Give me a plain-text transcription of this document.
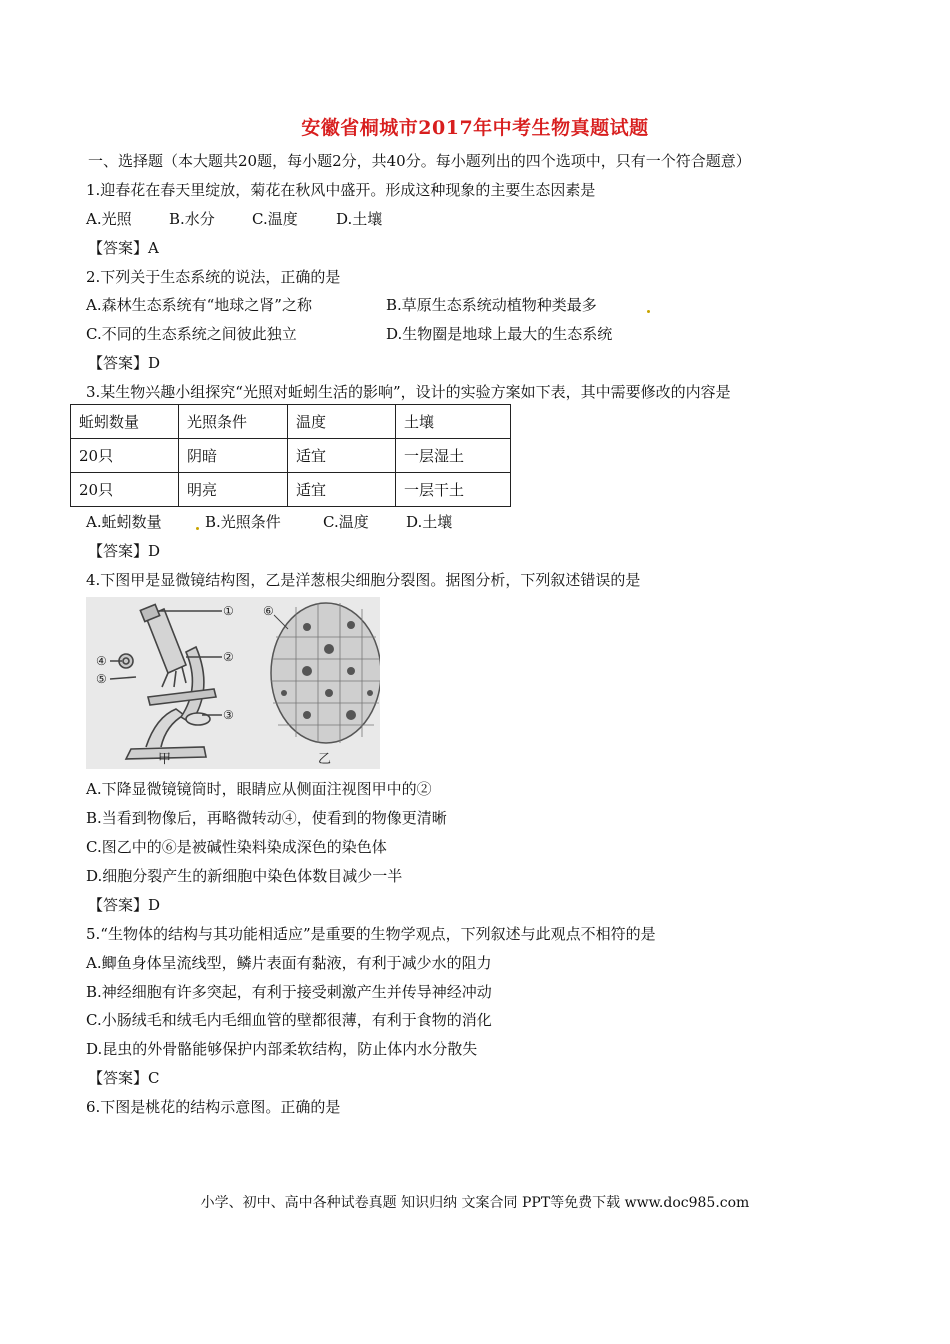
安徽省桐城市2017年中考生物真题试题
一、选择题（本大题共20题，每小题2分，共40分。每小题列出的四个选项中，只有一个符合题意）
1.迎春花在春天里绽放，菊花在秋风中盛开。形成这种现象的主要生态因素是
A.光照 B.水分 C.温度	D.土壤
【答案】A
2.下列关于生态系统的说法，正确的是
A.森林生态系统有“地球之肾”之称	B.草原生态系统动植物种类最多
C.不同的生态系统之间彼此独立	D.生物圈是地球上最大的生态系统
【答案】D
3.某生物兴趣小组探究“光照对蚯蚓生活的影响”，设计的实验方案如下表，其中需要修改的内容是
蚯蚓数量	光照条件	温度	土壤
20只	阴暗	适宜	一层湿土
20只	明亮	适宜	一层干土
A.蚯蚓数量	B.光照条件	C.温度 D.土壤
【答案】D
4.下图甲是显微镜结构图，乙是洋葱根尖细胞分裂图。据图分析，下列叙述错误的是
①
②
③
④
⑤
⑥
甲	乙
A.下降显微镜镜筒时，眼睛应从侧面注视图甲中的②
B.当看到物像后，再略微转动④，使看到的物像更清晰
C.图乙中的⑥是被碱性染料染成深色的染色体
D.细胞分裂产生的新细胞中染色体数目减少一半
【答案】D
5.“生物体的结构与其功能相适应”是重要的生物学观点，下列叙述与此观点不相符的是
A.鲫鱼身体呈流线型，鳞片表面有黏液，有利于减少水的阻力
B.神经细胞有许多突起，有利于接受刺激产生并传导神经冲动
C.小肠绒毛和绒毛内毛细血管的壁都很薄，有利于食物的消化
D.昆虫的外骨骼能够保护内部柔软结构，防止体内水分散失
【答案】C
6.下图是桃花的结构示意图。正确的是
小学、初中、高中各种试卷真题 知识归纳 文案合同 PPT等免费下载 www.doc985.com
